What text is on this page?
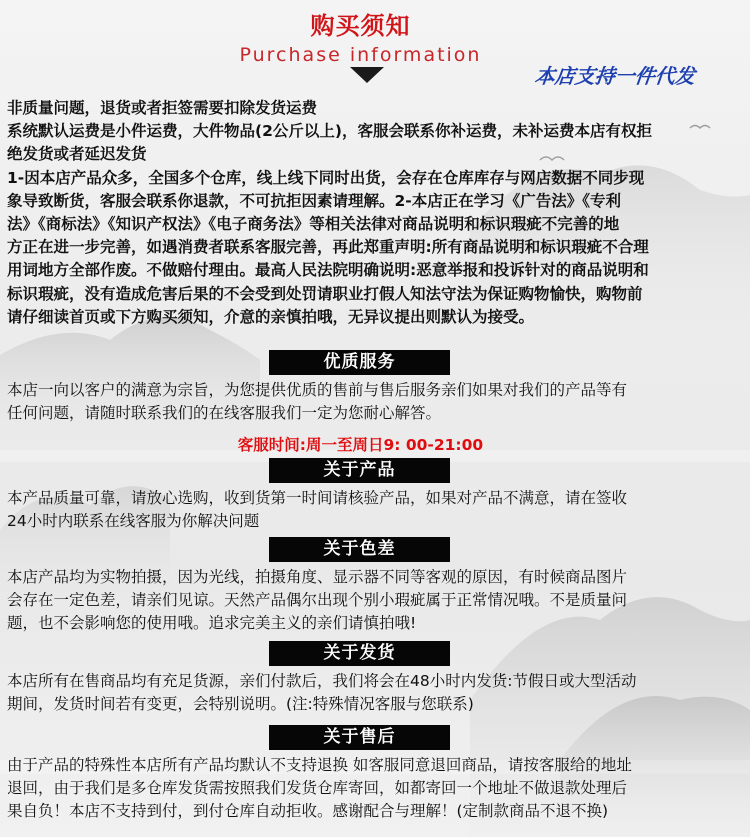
购买须知
Purchase information
本店支持一件代发

非质量问题，退货或者拒签需要扣除发货运费

系统默认运费是小件运费，大件物品(2公斤以上)，客服会联系你补运费，未补运费本店有权拒

绝发货或者延迟发货

1-因本店产品众多，全国多个仓库，线上线下同时出货，会存在仓库库存与网店数据不同步现

象导致断货，客服会联系你退款，不可抗拒因素请理解。2-本店正在学习《广告法》《专利

法》《商标法》《知识产权法》《电子商务法》等相关法律对商品说明和标识瑕疵不完善的地

方正在进一步完善，如遇消费者联系客服完善，再此郑重声明:所有商品说明和标识瑕疵不合理

用词地方全部作废。不做赔付理由。最高人民法院明确说明:恶意举报和投诉针对的商品说明和

标识瑕疵，没有造成危害后果的不会受到处罚请职业打假人知法守法为保证购物愉快，购物前

请仔细读首页或下方购买须知，介意的亲慎拍哦，无异议提出则默认为接受。

优质服务

本店一向以客户的满意为宗旨，为您提供优质的售前与售后服务亲们如果对我们的产品等有

任何问题，请随时联系我们的在线客服我们一定为您耐心解答。

客服时间:周一至周日9: 00-21:00
关于产品

本产品质量可靠，请放心选购，收到货第一时间请核验产品，如果对产品不满意，请在签收

24小时内联系在线客服为你解决问题

关于色差

本店产品均为实物拍摄，因为光线，拍摄角度、显示器不同等客观的原因，有时候商品图片

会存在一定色差，请亲们见谅。天然产品偶尔出现个别小瑕疵属于正常情况哦。不是质量问

题，也不会影响您的使用哦。追求完美主义的亲们请慎拍哦!

关于发货

本店所有在售商品均有充足货源，亲们付款后，我们将会在48小时内发货:节假日或大型活动

期间，发货时间若有变更，会特别说明。(注:特殊情况客服与您联系)

关于售后

由于产品的特殊性本店所有产品均默认不支持退换 如客服同意退回商品，请按客服给的地址

退回，由于我们是多仓库发货需按照我们发货仓库寄回，如都寄回一个地址不做退款处理后

果自负！本店不支持到付，到付仓库自动拒收。感谢配合与理解！(定制款商品不退不换)
